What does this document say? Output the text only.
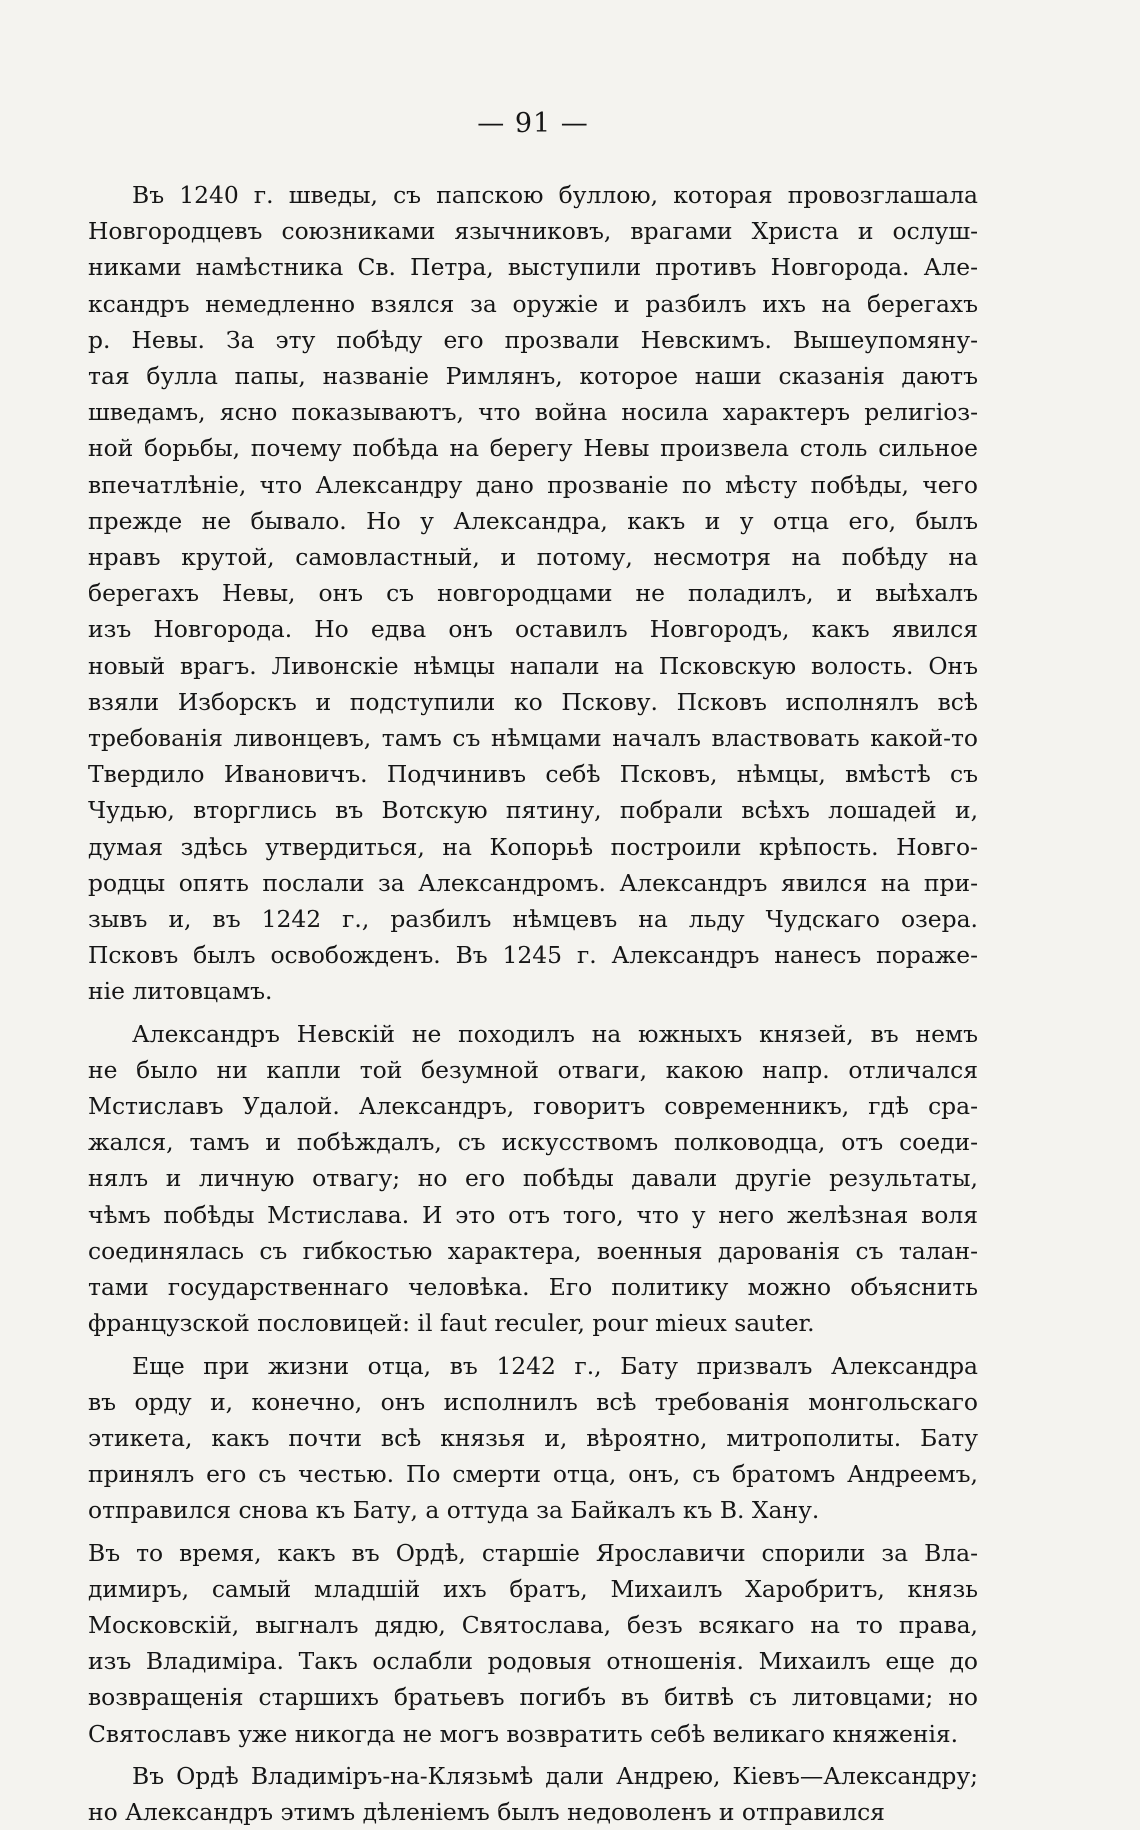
— 91 —

Въ 1240 г. шведы, съ папскою буллою, которая провозглашала

Новгородцевъ союзниками язычниковъ, врагами Христа и ослуш-

никами намѣстника Св. Петра, выступили противъ Новгорода. Але-

ксандръ немедленно взялся за оружіе и разбилъ ихъ на берегахъ

р. Невы. За эту побѣду его прозвали Невскимъ. Вышеупомяну-

тая булла папы, названіе Римлянъ, которое наши сказанія даютъ

шведамъ, ясно показываютъ, что война носила характеръ религіоз-

ной борьбы, почему побѣда на берегу Невы произвела столь сильное

впечатлѣніе, что Александру дано прозваніе по мѣсту побѣды, чего

прежде не бывало. Но у Александра, какъ и у отца его, былъ

нравъ крутой, самовластный, и потому, несмотря на побѣду на

берегахъ Невы, онъ съ новгородцами не поладилъ, и выѣхалъ

изъ Новгорода. Но едва онъ оставилъ Новгородъ, какъ явился

новый врагъ. Ливонскіе нѣмцы напали на Псковскую волость. Онъ

взяли Изборскъ и подступили ко Пскову. Псковъ исполнялъ всѣ

требованія ливонцевъ, тамъ съ нѣмцами началъ властвовать какой-то

Твердило Ивановичъ. Подчинивъ себѣ Псковъ, нѣмцы, вмѣстѣ съ

Чудью, вторглись въ Вотскую пятину, побрали всѣхъ лошадей и,

думая здѣсь утвердиться, на Копорьѣ построили крѣпость. Новго-

родцы опять послали за Александромъ. Александръ явился на при-

зывъ и, въ 1242 г., разбилъ нѣмцевъ на льду Чудскаго озера.

Псковъ былъ освобожденъ. Въ 1245 г. Александръ нанесъ пораже-

ніе литовцамъ.

Александръ Невскій не походилъ на южныхъ князей, въ немъ

не было ни капли той безумной отваги, какою напр. отличался

Мстиславъ Удалой. Александръ, говоритъ современникъ, гдѣ сра-

жался, тамъ и побѣждалъ, съ искусствомъ полководца, отъ соеди-

нялъ и личную отвагу; но его побѣды давали другіе результаты,

чѣмъ побѣды Мстислава. И это отъ того, что у него желѣзная воля

соединялась съ гибкостью характера, военныя дарованія съ талан-

тами государственнаго человѣка. Его политику можно объяснить

французской пословицей: il faut reculer, pour mieux sauter.

Еще при жизни отца, въ 1242 г., Бату призвалъ Александра

въ орду и, конечно, онъ исполнилъ всѣ требованія монгольскаго

этикета, какъ почти всѣ князья и, вѣроятно, митрополиты. Бату

принялъ его съ честью. По смерти отца, онъ, съ братомъ Андреемъ,

отправился снова къ Бату, а оттуда за Байкалъ къ В. Хану.

Въ то время, какъ въ Ордѣ, старшіе Ярославичи спорили за Вла-

димиръ, самый младшій ихъ братъ, Михаилъ Харобритъ, князь

Московскій, выгналъ дядю, Святослава, безъ всякаго на то права,

изъ Владиміра. Такъ ослабли родовыя отношенія. Михаилъ еще до

возвращенія старшихъ братьевъ погибъ въ битвѣ съ литовцами; но

Святославъ уже никогда не могъ возвратить себѣ великаго княженія.

Въ Ордѣ Владиміръ-на-Клязьмѣ дали Андрею, Кіевъ—Александру;

но Александръ этимъ дѣленіемъ былъ недоволенъ и отправился
